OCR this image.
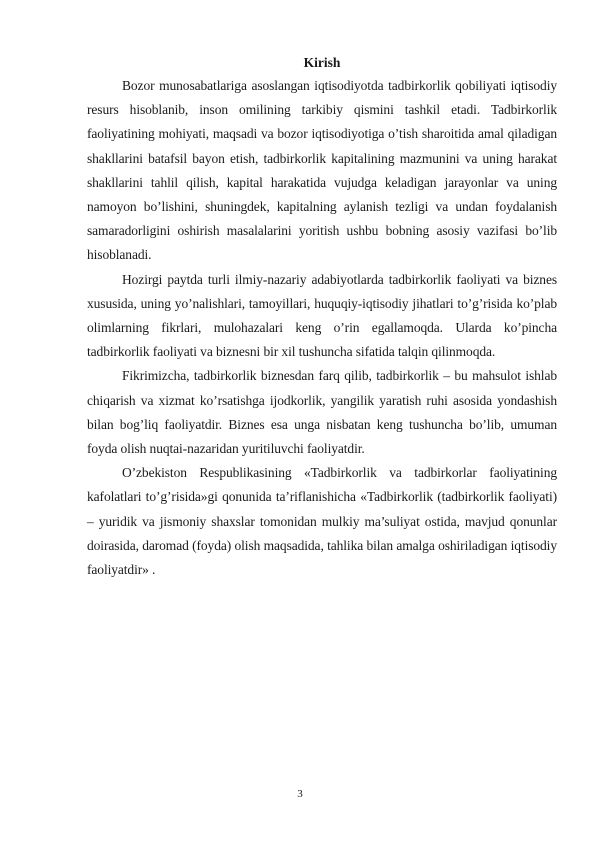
Kirish

Bozor munosabatlariga asoslangan iqtisodiyotda tadbirkorlik qobiliyati iqtisodiy resurs hisoblanib, inson omilining tarkibiy qismini tashkil etadi. Tadbirkorlik faoliyatining mohiyati, maqsadi va bozor iqtisodiyotiga o’tish sharoitida amal qiladigan shakllarini batafsil bayon etish, tadbirkorlik kapitalining mazmunini va uning harakat shakllarini tahlil qilish, kapital harakatida vujudga keladigan jarayonlar va uning namoyon bo’lishini, shuningdek, kapitalning aylanish tezligi va undan foydalanish samaradorligini oshirish masalalarini yoritish ushbu bobning asosiy vazifasi bo’lib hisoblanadi.

Hozirgi paytda turli ilmiy-nazariy adabiyotlarda tadbirkorlik faoliyati va biznes xususida, uning yo’nalishlari, tamoyillari, huquqiy-iqtisodiy jihatlari to’g’risida ko’plab olimlarning fikrlari, mulohazalari keng o’rin egallamoqda. Ularda ko’pincha tadbirkorlik faoliyati va biznesni bir xil tushuncha sifatida talqin qilinmoqda.

Fikrimizcha, tadbirkorlik biznesdan farq qilib, tadbirkorlik – bu mahsulot ishlab chiqarish va xizmat ko’rsatishga ijodkorlik, yangilik yaratish ruhi asosida yondashish bilan bog’liq faoliyatdir. Biznes esa unga nisbatan keng tushuncha bo’lib, umuman foyda olish nuqtai-nazaridan yuritiluvchi faoliyatdir.

O’zbekiston Respublikasining «Tadbirkorlik va tadbirkorlar faoliyatining kafolatlari to’g’risida»gi qonunida ta’riflanishicha «Tadbirkorlik (tadbirkorlik faoliyati) – yuridik va jismoniy shaxslar tomonidan mulkiy ma’suliyat ostida, mavjud qonunlar doirasida, daromad (foyda) olish maqsadida, tahlika bilan amalga oshiriladigan iqtisodiy faoliyatdir» .

3
